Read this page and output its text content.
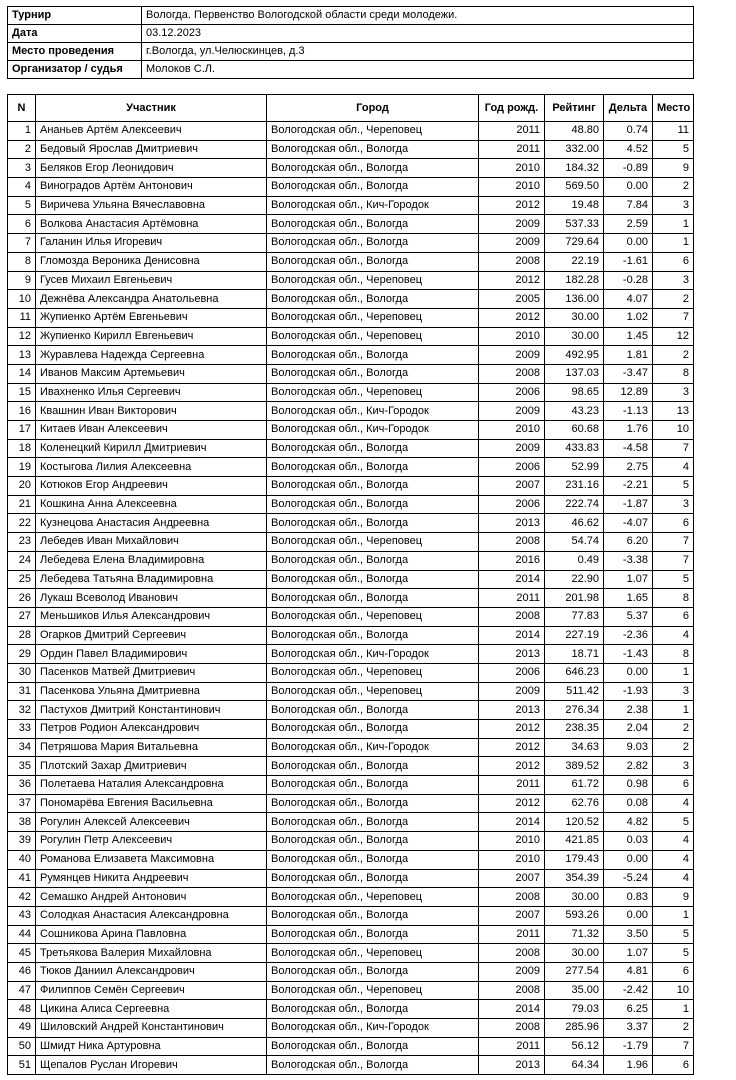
Турнир	Вологда. Первенство Вологодской области среди молодежи.
Дата	03.12.2023
Место проведения	г.Вологда, ул.Челюскинцев, д.3
Организатор / судья	Молоков С.Л.
N	Участник	Город	Год рожд.	Рейтинг	Дельта	Место
1	Ананьев Артём Алексеевич	Вологодская обл., Череповец	2011	48.80	0.74	11
2	Бедовый Ярослав Дмитриевич	Вологодская обл., Вологда	2011	332.00	4.52	5
3	Беляков Егор Леонидович	Вологодская обл., Вологда	2010	184.32	-0.89	9
4	Виноградов Артём Антонович	Вологодская обл., Вологда	2010	569.50	0.00	2
5	Виричева Ульяна Вячеславовна	Вологодская обл., Кич-Городок	2012	19.48	7.84	3
6	Волкова Анастасия Артёмовна	Вологодская обл., Вологда	2009	537.33	2.59	1
7	Галанин Илья Игоревич	Вологодская обл., Вологда	2009	729.64	0.00	1
8	Гломозда Вероника Денисовна	Вологодская обл., Вологда	2008	22.19	-1.61	6
9	Гусев Михаил Евгеньевич	Вологодская обл., Череповец	2012	182.28	-0.28	3
10	Дежнёва Александра Анатольевна	Вологодская обл., Вологда	2005	136.00	4.07	2
11	Жупиенко Артём Евгеньевич	Вологодская обл., Череповец	2012	30.00	1.02	7
12	Жупиенко Кирилл Евгеньевич	Вологодская обл., Череповец	2010	30.00	1.45	12
13	Журавлева Надежда Сергеевна	Вологодская обл., Вологда	2009	492.95	1.81	2
14	Иванов Максим Артемьевич	Вологодская обл., Вологда	2008	137.03	-3.47	8
15	Ивахненко Илья Сергеевич	Вологодская обл., Череповец	2006	98.65	12.89	3
16	Квашнин Иван Викторович	Вологодская обл., Кич-Городок	2009	43.23	-1.13	13
17	Китаев Иван Алексеевич	Вологодская обл., Кич-Городок	2010	60.68	1.76	10
18	Коленецкий Кирилл Дмитриевич	Вологодская обл., Вологда	2009	433.83	-4.58	7
19	Костыгова Лилия Алексеевна	Вологодская обл., Вологда	2006	52.99	2.75	4
20	Котюков Егор Андреевич	Вологодская обл., Вологда	2007	231.16	-2.21	5
21	Кошкина Анна Алексеевна	Вологодская обл., Вологда	2006	222.74	-1.87	3
22	Кузнецова Анастасия Андреевна	Вологодская обл., Вологда	2013	46.62	-4.07	6
23	Лебедев Иван Михайлович	Вологодская обл., Череповец	2008	54.74	6.20	7
24	Лебедева Елена Владимировна	Вологодская обл., Вологда	2016	0.49	-3.38	7
25	Лебедева Татьяна Владимировна	Вологодская обл., Вологда	2014	22.90	1.07	5
26	Лукаш Всеволод Иванович	Вологодская обл., Вологда	2011	201.98	1.65	8
27	Меньшиков Илья Александрович	Вологодская обл., Череповец	2008	77.83	5.37	6
28	Огарков Дмитрий Сергеевич	Вологодская обл., Вологда	2014	227.19	-2.36	4
29	Ордин Павел Владимирович	Вологодская обл., Кич-Городок	2013	18.71	-1.43	8
30	Пасенков Матвей Дмитриевич	Вологодская обл., Череповец	2006	646.23	0.00	1
31	Пасенкова Ульяна Дмитриевна	Вологодская обл., Череповец	2009	511.42	-1.93	3
32	Пастухов Дмитрий Константинович	Вологодская обл., Вологда	2013	276.34	2.38	1
33	Петров Родион Александрович	Вологодская обл., Вологда	2012	238.35	2.04	2
34	Петряшова Мария Витальевна	Вологодская обл., Кич-Городок	2012	34.63	9.03	2
35	Плотский Захар Дмитриевич	Вологодская обл., Вологда	2012	389.52	2.82	3
36	Полетаева Наталия Александровна	Вологодская обл., Вологда	2011	61.72	0.98	6
37	Пономарёва Евгения Васильевна	Вологодская обл., Вологда	2012	62.76	0.08	4
38	Рогулин Алексей Алексеевич	Вологодская обл., Вологда	2014	120.52	4.82	5
39	Рогулин Петр Алексеевич	Вологодская обл., Вологда	2010	421.85	0.03	4
40	Романова Елизавета Максимовна	Вологодская обл., Вологда	2010	179.43	0.00	4
41	Румянцев Никита Андреевич	Вологодская обл., Вологда	2007	354.39	-5.24	4
42	Семашко Андрей Антонович	Вологодская обл., Череповец	2008	30.00	0.83	9
43	Солодкая Анастасия Александровна	Вологодская обл., Вологда	2007	593.26	0.00	1
44	Сошникова Арина Павловна	Вологодская обл., Вологда	2011	71.32	3.50	5
45	Третьякова Валерия Михайловна	Вологодская обл., Череповец	2008	30.00	1.07	5
46	Тюков Даниил Александрович	Вологодская обл., Вологда	2009	277.54	4.81	6
47	Филиппов Семён Сергеевич	Вологодская обл., Череповец	2008	35.00	-2.42	10
48	Цикина Алиса Сергеевна	Вологодская обл., Вологда	2014	79.03	6.25	1
49	Шиловский Андрей Константинович	Вологодская обл., Кич-Городок	2008	285.96	3.37	2
50	Шмидт Ника Артуровна	Вологодская обл., Вологда	2011	56.12	-1.79	7
51	Щепалов Руслан Игоревич	Вологодская обл., Вологда	2013	64.34	1.96	6
